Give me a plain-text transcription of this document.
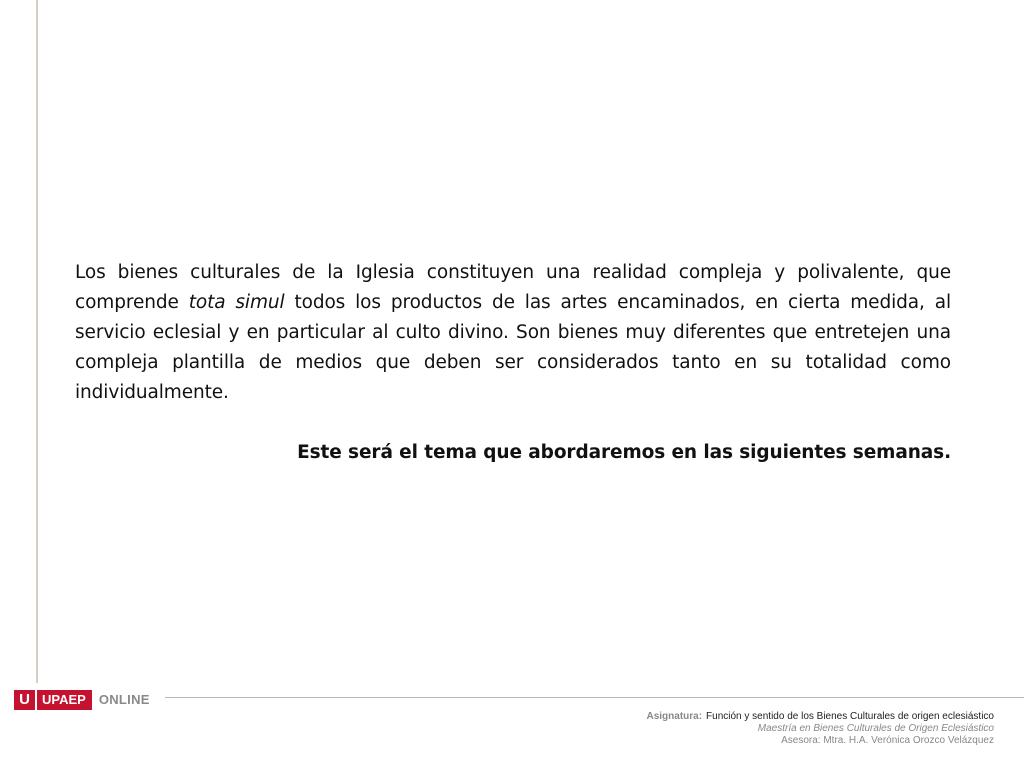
Los bienes culturales de la Iglesia constituyen una realidad compleja y polivalente, que comprende tota simul todos los productos de las artes encaminados, en cierta medida, al servicio eclesial y en particular al culto divino. Son bienes muy diferentes que entretejen una compleja plantilla de medios que deben ser considerados tanto en su totalidad como individualmente.

Este será el tema que abordaremos en las siguientes semanas.

U UPAEP	ONLINE
Asignatura: Función y sentido de los Bienes Culturales de origen eclesiástico
Maestría en Bienes Culturales de Origen Eclesiástico
Asesora: Mtra. H.A. Verónica Orozco Velázquez
